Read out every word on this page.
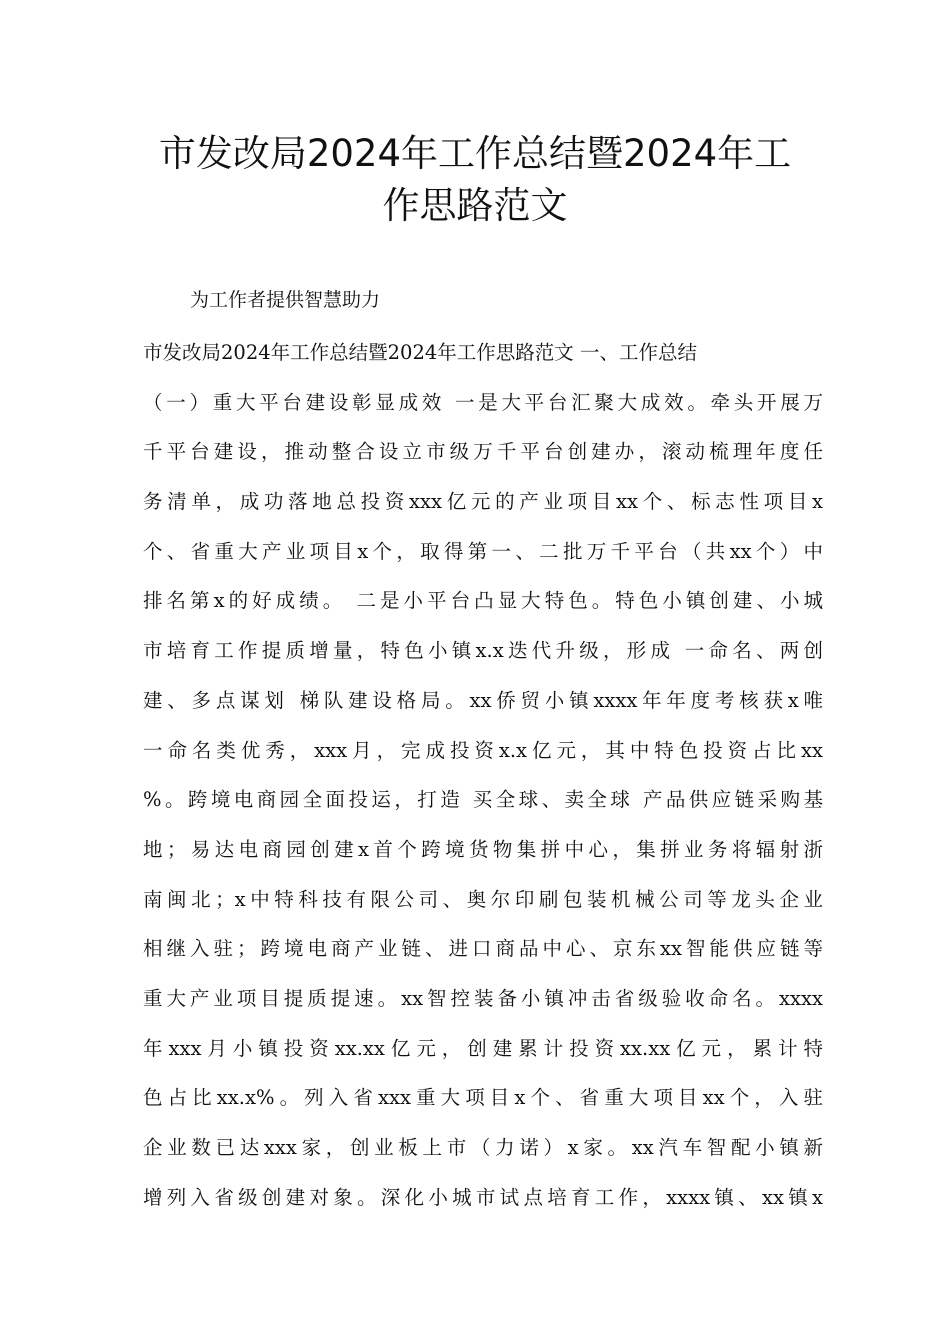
市发改局2024年工作总结暨2024年工
作思路范文

为工作者提供智慧助力

市发改局2024年工作总结暨2024年工作思路范文 一、工作总结
（一）重大平台建设彰显成效 一是大平台汇聚大成效。牵头开展万
千平台建设，推动整合设立市级万千平台创建办，滚动梳理年度任
务清单，成功落地总投资xxx亿元的产业项目xx个、标志性项目x
个、省重大产业项目x个，取得第一、二批万千平台（共xx个）中
排名第x的好成绩。 二是小平台凸显大特色。特色小镇创建、小城
市培育工作提质增量，特色小镇x.x迭代升级，形成 一命名、两创
建、多点谋划 梯队建设格局。xx侨贸小镇xxxx年年度考核获x唯
一命名类优秀，xxx月，完成投资x.x亿元，其中特色投资占比xx
%。跨境电商园全面投运，打造 买全球、卖全球 产品供应链采购基
地；易达电商园创建x首个跨境货物集拼中心，集拼业务将辐射浙
南闽北；x中特科技有限公司、奥尔印刷包装机械公司等龙头企业
相继入驻；跨境电商产业链、进口商品中心、京东xx智能供应链等
重大产业项目提质提速。xx智控装备小镇冲击省级验收命名。xxxx
年xxx月小镇投资xx.xx亿元，创建累计投资xx.xx亿元，累计特
色占比xx.x%。列入省xxx重大项目x个、省重大项目xx个，入驻
企业数已达xxx家，创业板上市（力诺）x家。xx汽车智配小镇新
增列入省级创建对象。深化小城市试点培育工作，xxxx镇、xx镇x
